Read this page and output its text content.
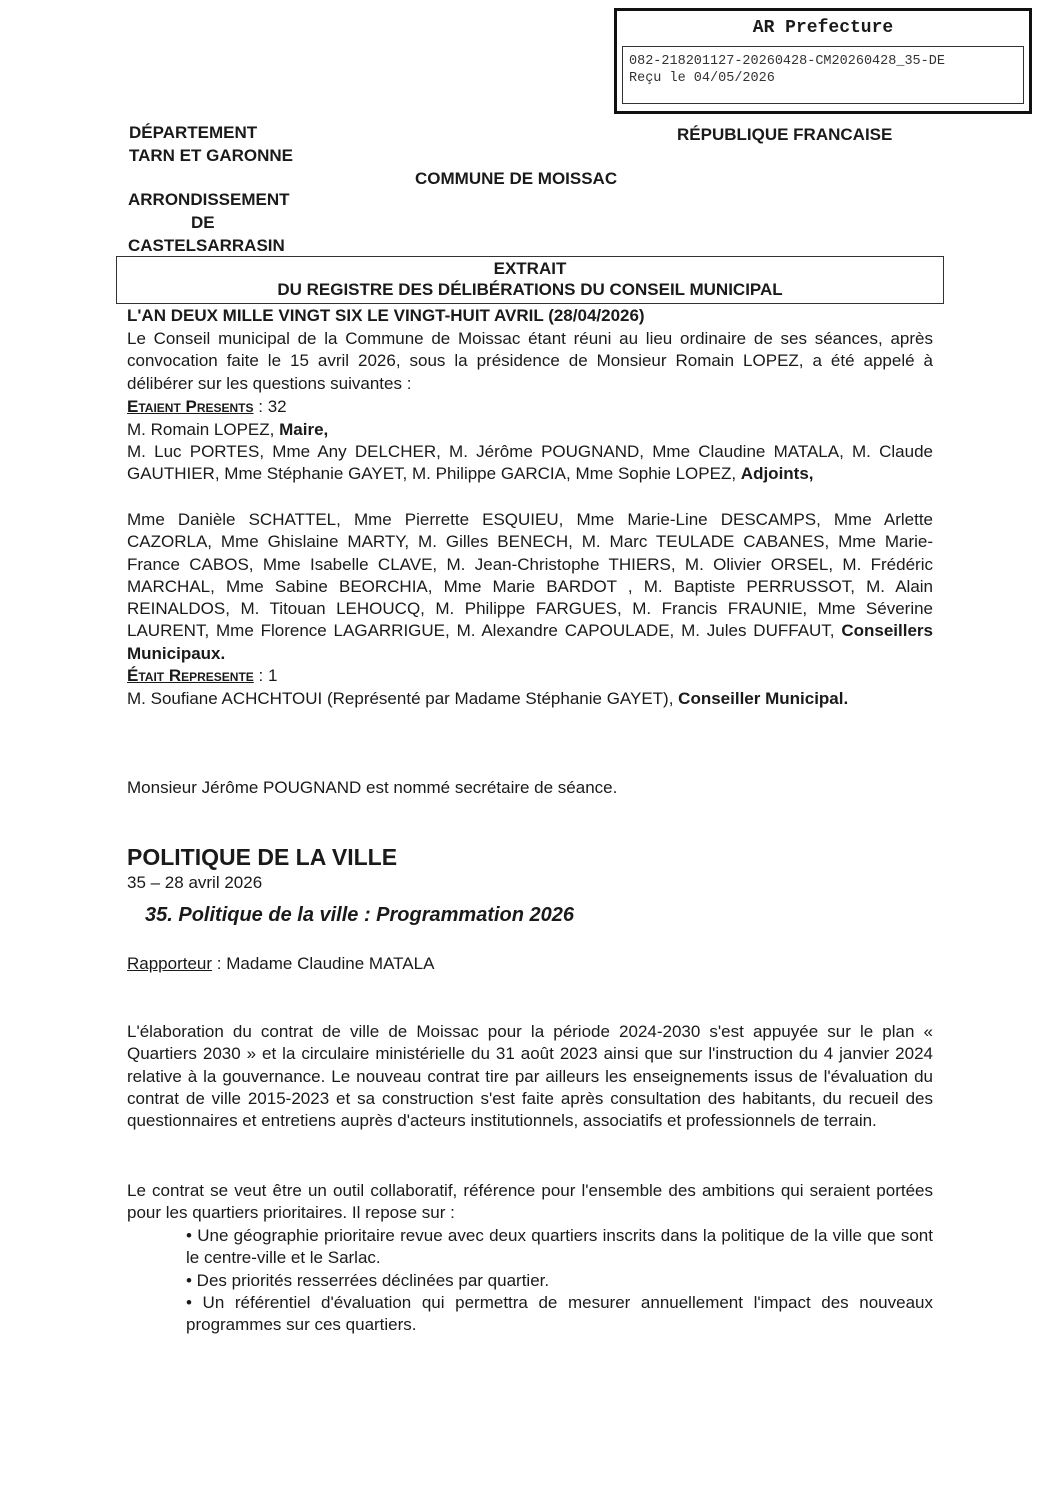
AR Prefecture
082-218201127-20260428-CM20260428_35-DE
Reçu le 04/05/2026
DÉPARTEMENT
TARN ET GARONNE
RÉPUBLIQUE FRANCAISE
COMMUNE DE MOISSAC
ARRONDISSEMENT
DE
CASTELSARRASIN
EXTRAIT
DU REGISTRE DES DÉLIBÉRATIONS DU CONSEIL MUNICIPAL
L'AN DEUX MILLE VINGT SIX LE VINGT-HUIT AVRIL (28/04/2026)
Le Conseil municipal de la Commune de Moissac étant réuni au lieu ordinaire de ses séances, après convocation faite le 15 avril 2026, sous la présidence de Monsieur Romain LOPEZ, a été appelé à délibérer sur les questions suivantes :
Etaient Presents : 32
M. Romain LOPEZ, Maire,
M. Luc PORTES, Mme Any DELCHER, M. Jérôme POUGNAND, Mme Claudine MATALA, M. Claude GAUTHIER, Mme Stéphanie GAYET, M. Philippe GARCIA, Mme Sophie LOPEZ, Adjoints,
Mme Danièle SCHATTEL, Mme Pierrette ESQUIEU, Mme Marie-Line DESCAMPS, Mme Arlette CAZORLA, Mme Ghislaine MARTY, M. Gilles BENECH, M. Marc TEULADE CABANES, Mme Marie-France CABOS, Mme Isabelle CLAVE, M. Jean-Christophe THIERS, M. Olivier ORSEL, M. Frédéric MARCHAL, Mme Sabine BEORCHIA, Mme Marie BARDOT , M. Baptiste PERRUSSOT, M. Alain REINALDOS, M. Titouan LEHOUCQ, M. Philippe FARGUES, M. Francis FRAUNIE, Mme Séverine LAURENT, Mme Florence LAGARRIGUE, M. Alexandre CAPOULADE, M. Jules DUFFAUT, Conseillers Municipaux.
Était Represente : 1
M. Soufiane ACHCHTOUI (Représenté par Madame Stéphanie GAYET), Conseiller Municipal.
Monsieur Jérôme POUGNAND est nommé secrétaire de séance.
POLITIQUE DE LA VILLE
35 – 28 avril 2026
35. Politique de la ville : Programmation 2026
Rapporteur : Madame Claudine MATALA
L'élaboration du contrat de ville de Moissac pour la période 2024-2030 s'est appuyée sur le plan « Quartiers 2030 » et la circulaire ministérielle du 31 août 2023 ainsi que sur l'instruction du 4 janvier 2024 relative à la gouvernance. Le nouveau contrat tire par ailleurs les enseignements issus de l'évaluation du contrat de ville 2015-2023 et sa construction s'est faite après consultation des habitants, du recueil des questionnaires et entretiens auprès d'acteurs institutionnels, associatifs et professionnels de terrain.
Le contrat se veut être un outil collaboratif, référence pour l'ensemble des ambitions qui seraient portées pour les quartiers prioritaires. Il repose sur :
• Une géographie prioritaire revue avec deux quartiers inscrits dans la politique de la ville que sont le centre-ville et le Sarlac.
• Des priorités resserrées déclinées par quartier.
• Un référentiel d'évaluation qui permettra de mesurer annuellement l'impact des nouveaux programmes sur ces quartiers.
